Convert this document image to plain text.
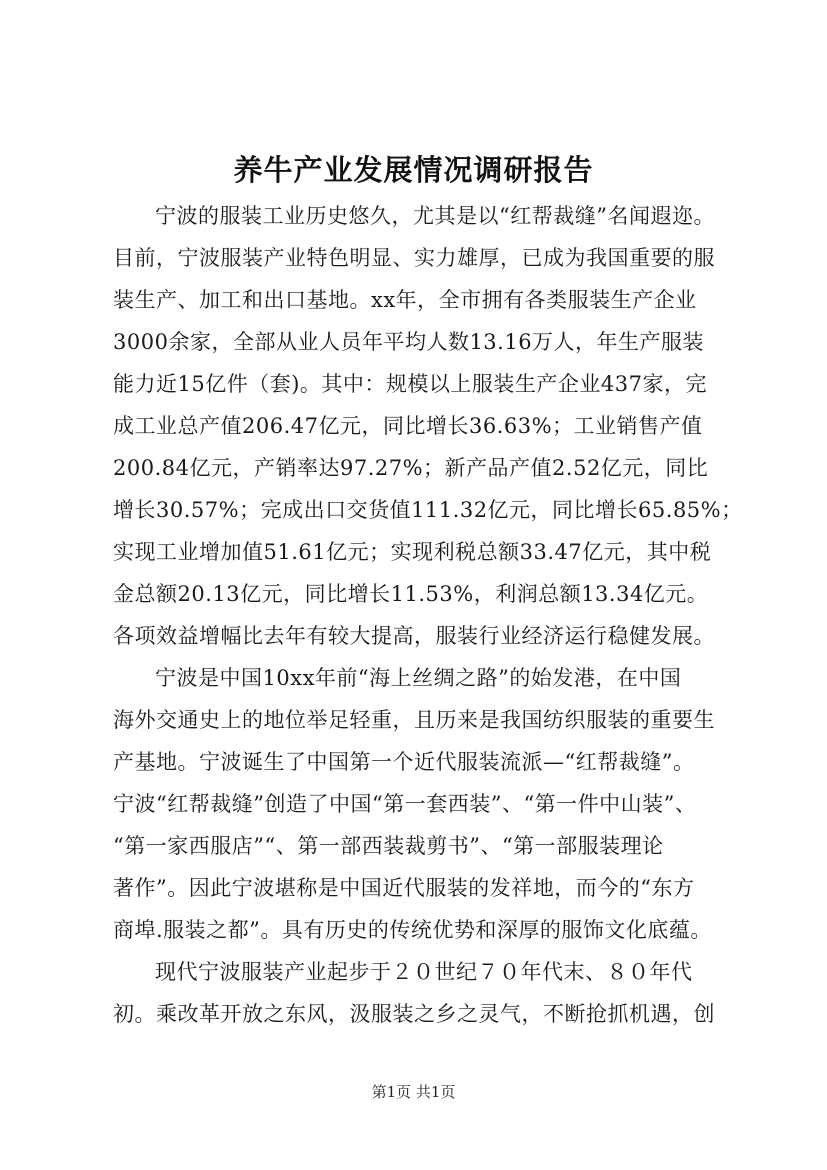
养牛产业发展情况调研报告
宁波的服装工业历史悠久，尤其是以“红帮裁缝”名闻遐迩。
目前，宁波服装产业特色明显、实力雄厚，已成为我国重要的服
装生产、加工和出口基地。xx年，全市拥有各类服装生产企业
3000余家，全部从业人员年平均人数13.16万人，年生产服装
能力近15亿件（套)。其中：规模以上服装生产企业437家，完
成工业总产值206.47亿元，同比增长36.63%；工业销售产值
200.84亿元，产销率达97.27%；新产品产值2.52亿元，同比
增长30.57%；完成出口交货值111.32亿元，同比增长65.85%；
实现工业增加值51.61亿元；实现利税总额33.47亿元，其中税
金总额20.13亿元，同比增长11.53%，利润总额13.34亿元。
各项效益增幅比去年有较大提高，服装行业经济运行稳健发展。
宁波是中国10xx年前“海上丝绸之路”的始发港，在中国
海外交通史上的地位举足轻重，且历来是我国纺织服装的重要生
产基地。宁波诞生了中国第一个近代服装流派—“红帮裁缝”。
宁波“红帮裁缝”创造了中国“第一套西装”、“第一件中山装”、
“第一家西服店”“、第一部西装裁剪书”、“第一部服装理论
著作”。因此宁波堪称是中国近代服装的发祥地，而今的“东方
商埠.服装之都”。具有历史的传统优势和深厚的服饰文化底蕴。
现代宁波服装产业起步于２０世纪７０年代末、８０年代
初。乘改革开放之东风，汲服装之乡之灵气，不断抢抓机遇，创
第1页 共1页
